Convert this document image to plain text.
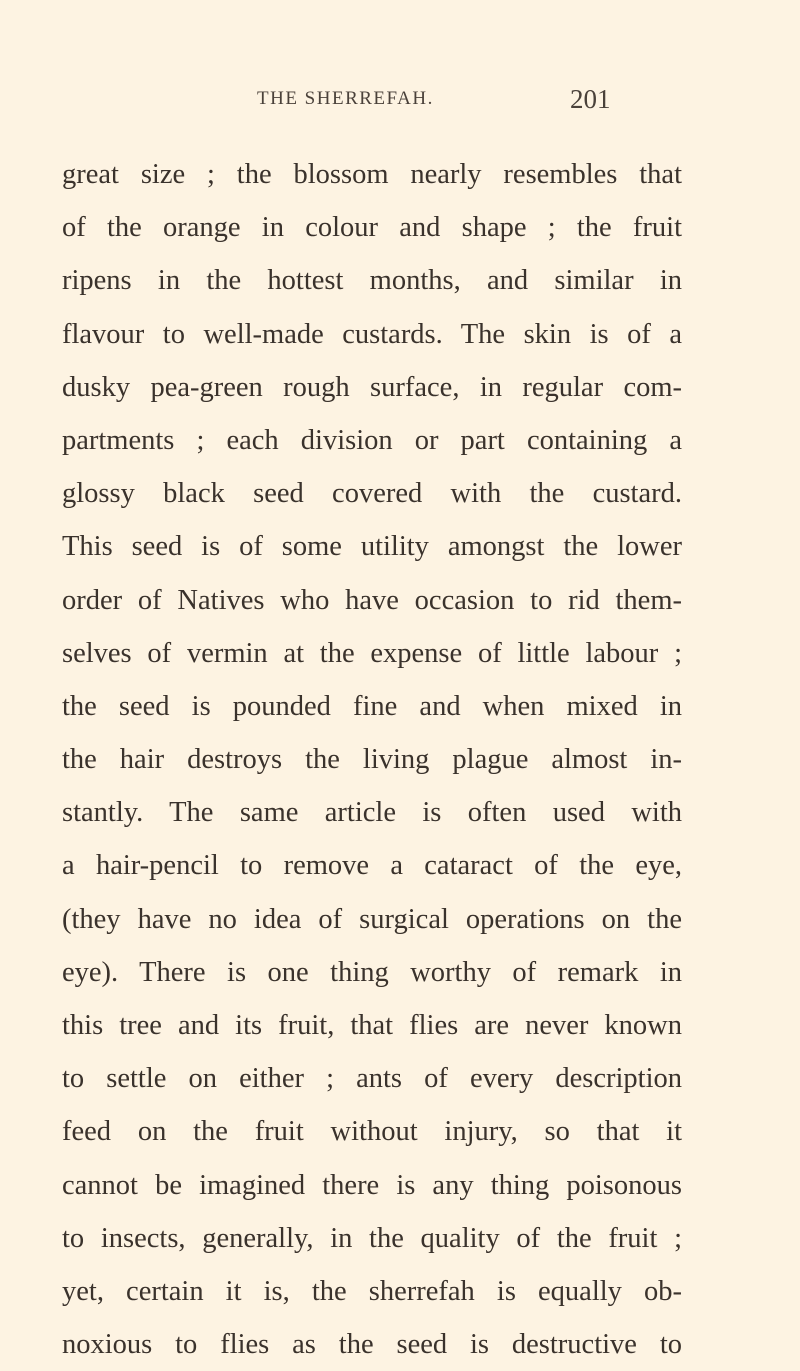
THE SHERREFAH.	201
great size ; the blossom nearly resembles that
of the orange in colour and shape ; the fruit
ripens in the hottest months, and similar in
flavour to well-made custards. The skin is of a
dusky pea-green rough surface, in regular com-
partments ; each division or part containing a
glossy black seed covered with the custard.
This seed is of some utility amongst the lower
order of Natives who have occasion to rid them-
selves of vermin at the expense of little labour ;
the seed is pounded fine and when mixed in
the hair destroys the living plague almost in-
stantly. The same article is often used with
a hair-pencil to remove a cataract of the eye,
(they have no idea of surgical operations on the
eye). There is one thing worthy of remark in
this tree and its fruit, that flies are never known
to settle on either ; ants of every description
feed on the fruit without injury, so that it
cannot be imagined there is any thing poisonous
to insects, generally, in the quality of the fruit ;
yet, certain it is, the sherrefah is equally ob-
noxious to flies as the seed is destructive to
